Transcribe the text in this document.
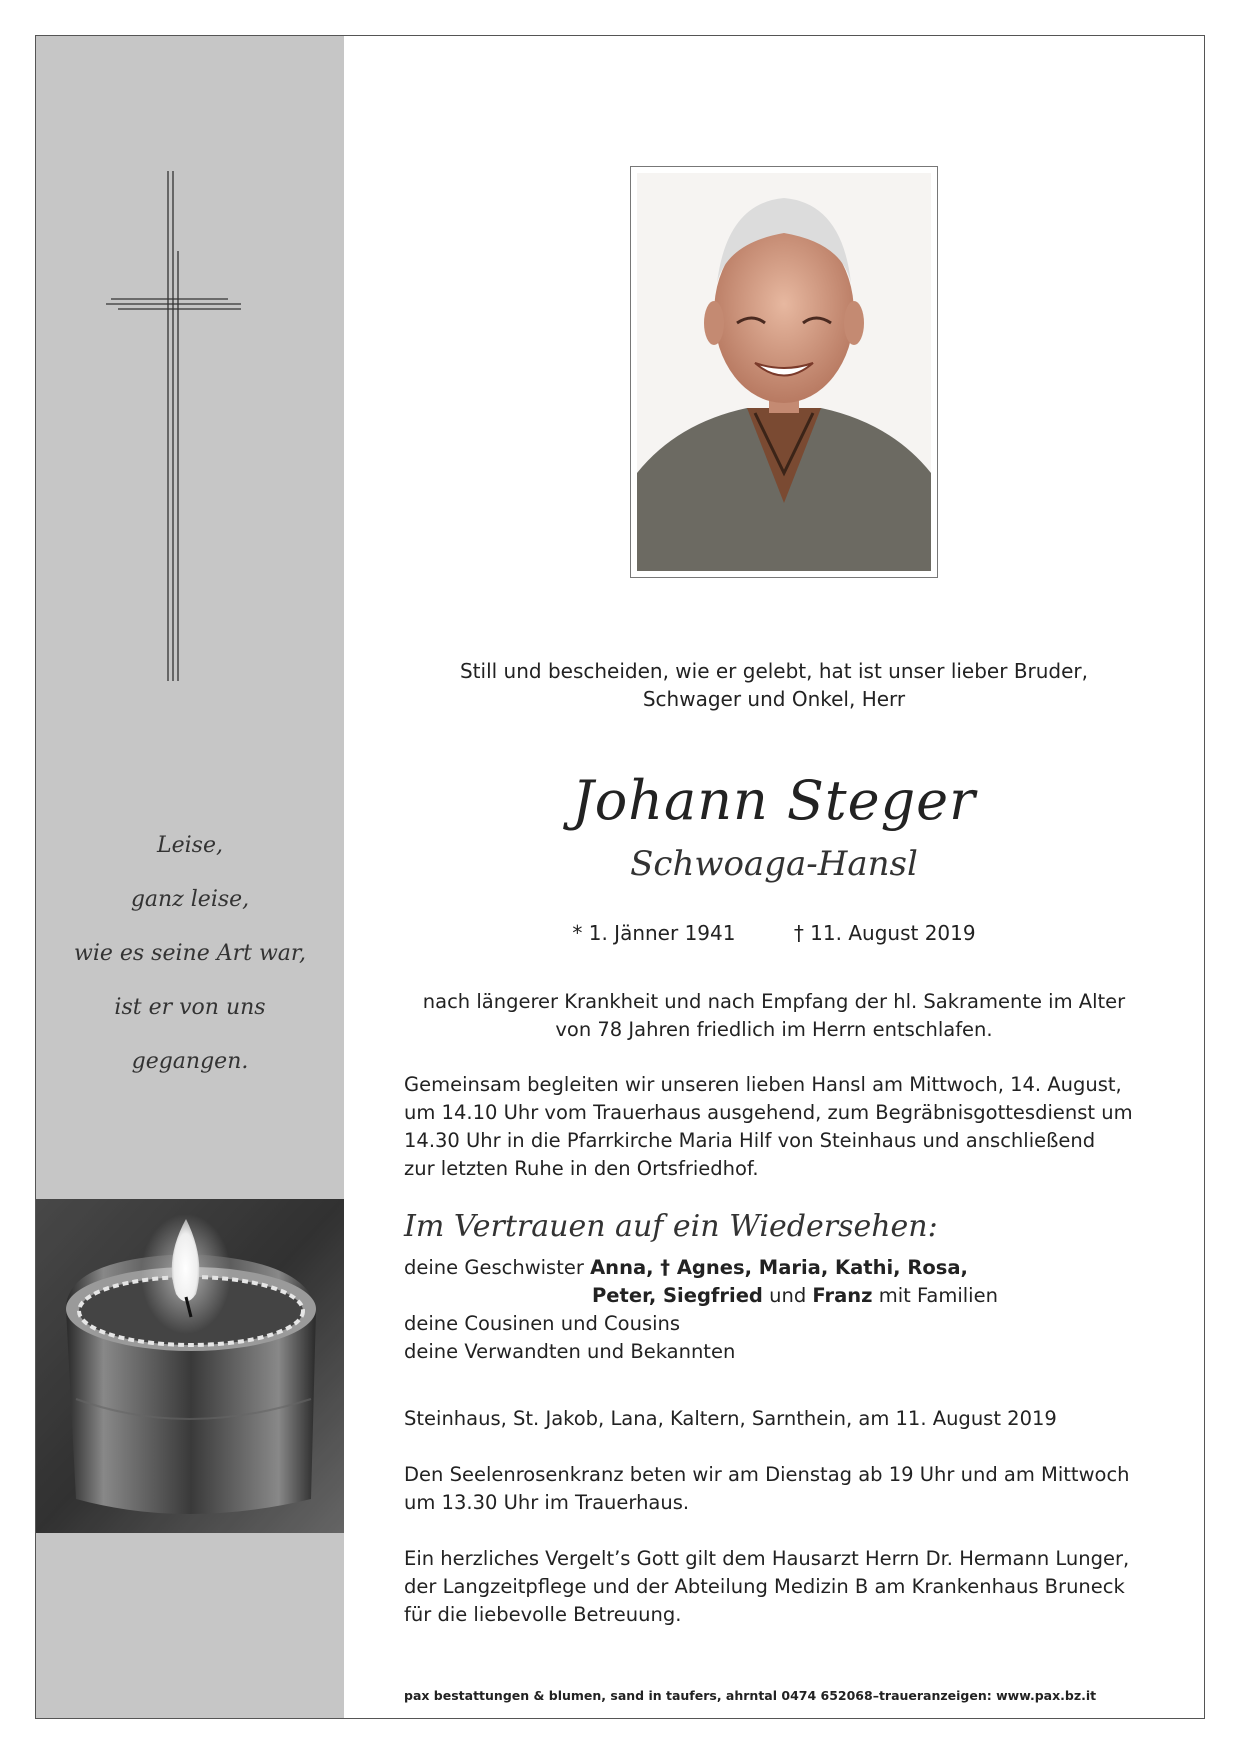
Leise,
ganz leise,
wie es seine Art war,
ist er von uns
gegangen.
Still und bescheiden, wie er gelebt, hat ist unser lieber Bruder,
Schwager und Onkel, Herr
Johann Steger
Schwoaga-Hansl
* 1. Jänner 1941	† 11. August 2019
nach längerer Krankheit und nach Empfang der hl. Sakramente im Alter
von 78 Jahren friedlich im Herrn entschlafen.
Gemeinsam begleiten wir unseren lieben Hansl am Mittwoch, 14. August,
um 14.10 Uhr vom Trauerhaus ausgehend, zum Begräbnisgottesdienst um
14.30 Uhr in die Pfarrkirche Maria Hilf von Steinhaus und anschließend
zur letzten Ruhe in den Ortsfriedhof.
Im Vertrauen auf ein Wiedersehen:
deine Geschwister Anna, † Agnes, Maria, Kathi, Rosa,
Peter, Siegfried und Franz mit Familien
deine Cousinen und Cousins
deine Verwandten und Bekannten
Steinhaus, St. Jakob, Lana, Kaltern, Sarnthein, am 11. August 2019
Den Seelenrosenkranz beten wir am Dienstag ab 19 Uhr und am Mittwoch
um 13.30 Uhr im Trauerhaus.
Ein herzliches Vergelt’s Gott gilt dem Hausarzt Herrn Dr. Hermann Lunger,
der Langzeitpflege und der Abteilung Medizin B am Krankenhaus Bruneck
für die liebevolle Betreuung.
pax bestattungen & blumen, sand in taufers, ahrntal 0474 652068–traueranzeigen: www.pax.bz.it
